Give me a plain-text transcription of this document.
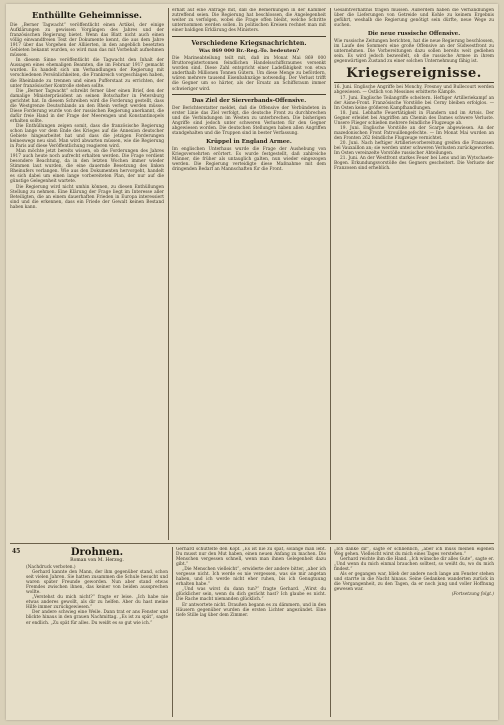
Enthüllte Geheimnisse.

Die „Berner Tagwacht“ veröffentlicht einen Artikel, der einige Aufklärungen zu gewissen Vorgängen des Jahres und der französischen Regierung bietet. Wenn das Blatt nicht auch einen völlig einwandfreien Text der Dokumente kennt, die aus dem Jahre 1917 über das Vorgehen der Alliierten, in den angeblich besetzten Gebieten bekannt wurden, so wird man das mit Vorbehalt aufnehmen müssen.

In diesem Sinne veröffentlicht die Tagwacht den Inhalt der Aussagen eines ehemaligen Beamten, die im Februar 1917 gemacht wurden. Es handelt sich um Verhandlungen der Regierung mit verschiedenen Persönlichkeiten, die Frankreich vorgeschlagen haben, die Rheinlande zu trennen und einen Pufferstaat zu errichten, der unter französischer Kontrolle stehen sollte.

Die „Berner Tagwacht“ schreibt ferner über einen Brief, den der damalige Ministerpräsident an seinen Botschafter in Petersburg gerichtet hat. In diesem Schreiben wird die Forderung gestellt, dass die Westgrenze Deutschlands an den Rhein verlegt werden müsse. Diese Forderung wurde von der russischen Regierung anerkannt, die dafür freie Hand in der Frage der Meerengen und Konstantinopels erhalten sollte.

Die Enthüllungen zeigen somit, dass die französische Regierung schon lange vor dem Ende des Krieges auf die Annexion deutscher Gebiete hingearbeitet hat und dass die jetzigen Forderungen keineswegs neu sind. Man wird abwarten müssen, wie die Regierung in Paris auf diese Veröffentlichung reagieren wird.

Man möchte jetzt bereits wissen, ob die Forderungen des Jahres 1917 auch heute noch aufrecht erhalten werden. Die Frage verdient besondere Beachtung, da in den letzten Wochen immer wieder Stimmen laut wurden, die eine dauernde Besetzung des linken Rheinufers verlangen. Wie aus den Dokumenten hervorgeht, handelt es sich dabei um einen lange vorbereiteten Plan, der nur auf die günstige Gelegenheit wartete.

Die Regierung wird nicht umhin können, zu diesen Enthüllungen Stellung zu nehmen. Eine Klärung der Frage liegt im Interesse aller Beteiligten, die an einem dauerhaften Frieden in Europa interessiert sind und die erkennen, dass ein Friede der Gewalt keinen Bestand haben kann.

erhält auf eine Anfrage mit, daß die Bemerkungen in der Kammer zutreffend seien. Die Regierung hat beschlossen, die Angelegenheit weiter zu verfolgen, wobei die Frage offen bleibt, welche Schritte unternommen werden sollen. In politischen Kreisen rechnet man mit einer baldigen Erklärung des Ministers.

Verschiedene Kriegsnachrichten.
Was 869 000 Br.-Reg.-To. bedeuten?

Die Marineabteilung teilt mit, daß im Monat Mai 869 000 Bruttoregistertonnen feindlichen Handelsschiffsraumes versenkt worden sind. Diese Zahl entspricht einer Ladefähigkeit von etwa anderthalb Millionen Tonnen Gütern. Um diese Menge zu befördern, wären mehrere tausend Eisenbahnzüge notwendig. Der Verlust trifft die Gegner um so härter, als der Ersatz an Schiffsraum immer schwieriger wird.

Das Ziel der Sierverbands-Offensive.

Der Berichterstatter meldet, daß die Offensive der Verbündeten in erster Linie das Ziel verfolgt, die deutsche Front zu durchbrechen und die Verbindungen im Westen zu unterbrechen. Die bisherigen Angriffe sind jedoch unter schweren Verlusten für den Gegner abgewiesen worden. Die deutschen Stellungen haben allen Angriffen standgehalten und die Truppen sind in bester Verfassung.

Krüppel in England Armee.

Im englischen Unterhaus wurde die Frage der Aushebung von Kriegsversehrten erörtert. Es wurde festgestellt, daß zahlreiche Männer, die früher als untauglich galten, nun wieder eingezogen werden. Die Regierung verteidigte diese Maßnahme mit dem dringenden Bedarf an Mannschaften für die Front.

Gesamtverhältnis tragen müssen. Außerdem haben die Verhandlungen über die Lieferungen von Getreide und Kohle zu keinem Ergebnis geführt, weshalb die Regierung genötigt sein dürfte, neue Wege zu suchen.

Die neue russische Offensive.

Wie russische Zeitungen berichten, hat die neue Regierung beschlossen, im Laufe des Sommers eine große Offensive an der Südwestfront zu unternehmen. Die Vorbereitungen dazu sollen bereits weit gediehen sein. Es wird jedoch bezweifelt, ob die russische Armee in ihrem gegenwärtigen Zustand zu einer solchen Unternehmung fähig ist.

Kriegsereignisse.

16. Juni. Englische Angriffe bei Monchy, Fresnoy und Bullecourt werden abgewiesen. — Östlich von Messines erbitterte Kämpfe.

17. Juni. Englische Teilangriffe scheitern. Heftiger Artilleriekampf an der Aisne-Front. Französische Vorstöße bei Cerny bleiben erfolglos. — Im Osten keine größeren Kampfhandlungen.

18. Juni. Lebhafte Feuertätigkeit in Flandern und im Artois. Der Gegner erleidet bei Angriffen am Chemin des Dames schwere Verluste. Unsere Flieger schießen mehrere feindliche Flugzeuge ab.

19. Juni. Englische Vorstöße an der Scarpe abgewiesen. An der mazedonischen Front Patrouillengefechte. — Im Monat Mai wurden an den Fronten 262 feindliche Flugzeuge vernichtet.

20. Juni. Nach heftiger Artillerievorbereitung greifen die Franzosen bei Vauxaillon an; sie werden unter schweren Verlusten zurückgeworfen. Im Osten vereinzelte Vorstöße russischer Abteilungen.

21. Juni. An der Westfront starkes Feuer bei Lens und im Wytschaete-Bogen. Erkundungsvorstöße des Gegners gescheitert. Die Verluste der Franzosen sind erheblich.

45	Drohnen.
Roman von M. Herzog.

(Nachdruck verboten.)

Gerhard kannte den Mann, der ihm gegenüber stand, schon seit vielen Jahren. Sie hatten zusammen die Schule besucht und waren später Freunde geworden. Nun aber stand etwas Fremdes zwischen ihnen, das keiner von beiden aussprechen wollte.

„Verstehst du mich nicht?“ fragte er leise. „Ich habe nie etwas anderes gewollt, als dir zu helfen. Aber du hast meine Hilfe immer zurückgewiesen.“

Der andere schwieg eine Weile. Dann trat er ans Fenster und blickte hinaus in den grauen Nachmittag. „Es ist zu spät“, sagte er endlich. „Zu spät für alles. Du weißt es so gut wie ich.“

Gerhard schüttelte den Kopf. „Es ist nie zu spät, solange man lebt. Du musst nur den Mut haben, einen neuen Anfang zu machen. Die Menschen vergessen schnell, wenn man ihnen Gelegenheit dazu gibt.“

„Die Menschen vielleicht“, erwiderte der andere bitter, „aber ich vergesse nicht. Ich werde es nie vergessen, was sie mir angetan haben, und ich werde nicht eher ruhen, bis ich Genugtuung erhalten habe.“

„Und was wirst du dann tun?“ fragte Gerhard. „Wirst du glücklicher sein, wenn du dich gerächt hast? Ich glaube es nicht. Die Rache macht niemanden glücklich.“

Er antwortete nicht. Draußen begann es zu dämmern, und in den Häusern gegenüber wurden die ersten Lichter angezündet. Eine tiefe Stille lag über dem Zimmer.

„Ich danke dir“, sagte er schließlich, „aber ich muss meinen eigenen Weg gehen. Vielleicht wirst du mich eines Tages verstehen.“

Gerhard reichte ihm die Hand. „Ich wünsche dir alles Gute“, sagte er. „Und wenn du mich einmal brauchen solltest, so weißt du, wo du mich findest.“

Als er gegangen war, blieb der andere noch lange am Fenster stehen und starrte in die Nacht hinaus. Seine Gedanken wanderten zurück in die Vergangenheit, zu den Tagen, da er noch jung und voller Hoffnung gewesen war.

(Fortsetzung folgt.)
